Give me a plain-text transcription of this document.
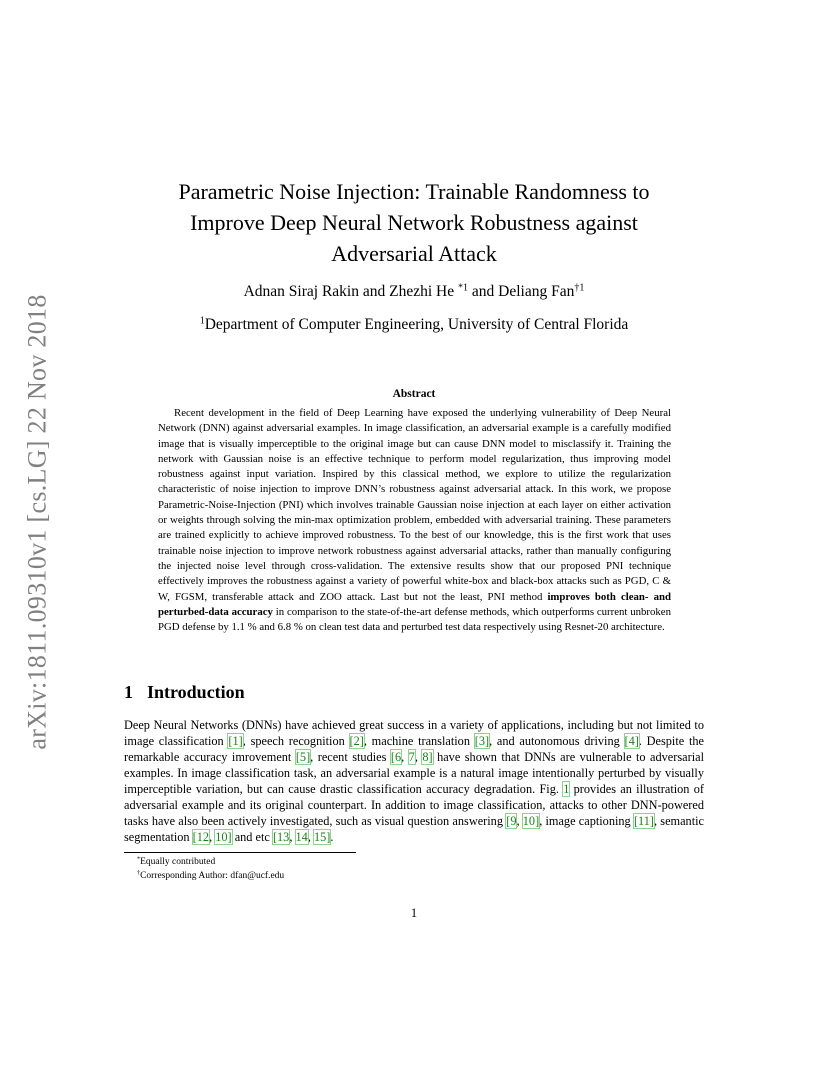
arXiv:1811.09310v1 [cs.LG] 22 Nov 2018
Parametric Noise Injection: Trainable Randomness to
Improve Deep Neural Network Robustness against
Adversarial Attack
Adnan Siraj Rakin and Zhezhi He $^{*1}$ and Deliang Fan$^{\dagger 1}$
$^1$Department of Computer Engineering, University of Central Florida
Abstract

Recent development in the field of Deep Learning have exposed the underlying vulnerability of Deep Neural Network (DNN) against adversarial examples. In image classification, an adversarial example is a carefully modified image that is visually imperceptible to the original image but can cause DNN model to misclassify it. Training the network with Gaussian noise is an effective technique to perform model regularization, thus improving model robustness against input variation. Inspired by this classical method, we explore to utilize the regularization characteristic of noise injection to improve DNN’s robustness against adversarial attack. In this work, we propose Parametric-Noise-Injection (PNI) which involves trainable Gaussian noise injection at each layer on either activation or weights through solving the min-max optimization problem, embedded with adversarial training. These parameters are trained explicitly to achieve improved robustness. To the best of our knowledge, this is the first work that uses trainable noise injection to improve network robustness against adversarial attacks, rather than manually configuring the injected noise level through cross-validation. The extensive results show that our proposed PNI technique effectively improves the robustness against a variety of powerful white-box and black-box attacks such as PGD, C & W, FGSM, transferable attack and ZOO attack. Last but not the least, PNI method improves both clean- and perturbed-data accuracy in comparison to the state-of-the-art defense methods, which outperforms current unbroken PGD defense by 1.1 % and 6.8 % on clean test data and perturbed test data respectively using Resnet-20 architecture.

1 Introduction

Deep Neural Networks (DNNs) have achieved great success in a variety of applications, including but not limited to image classification [1], speech recognition [2], machine translation [3], and autonomous driving [4]. Despite the remarkable accuracy imrovement [5], recent studies [6, 7, 8] have shown that DNNs are vulnerable to adversarial examples. In image classification task, an adversarial example is a natural image intentionally perturbed by visually imperceptible variation, but can cause drastic classification accuracy degradation. Fig. 1 provides an illustration of adversarial example and its original counterpart. In addition to image classification, attacks to other DNN-powered tasks have also been actively investigated, such as visual question answering [9, 10], image captioning [11], semantic segmentation [12, 10] and etc [13, 14, 15].

*Equally contributed
†Corresponding Author: dfan@ucf.edu
1
